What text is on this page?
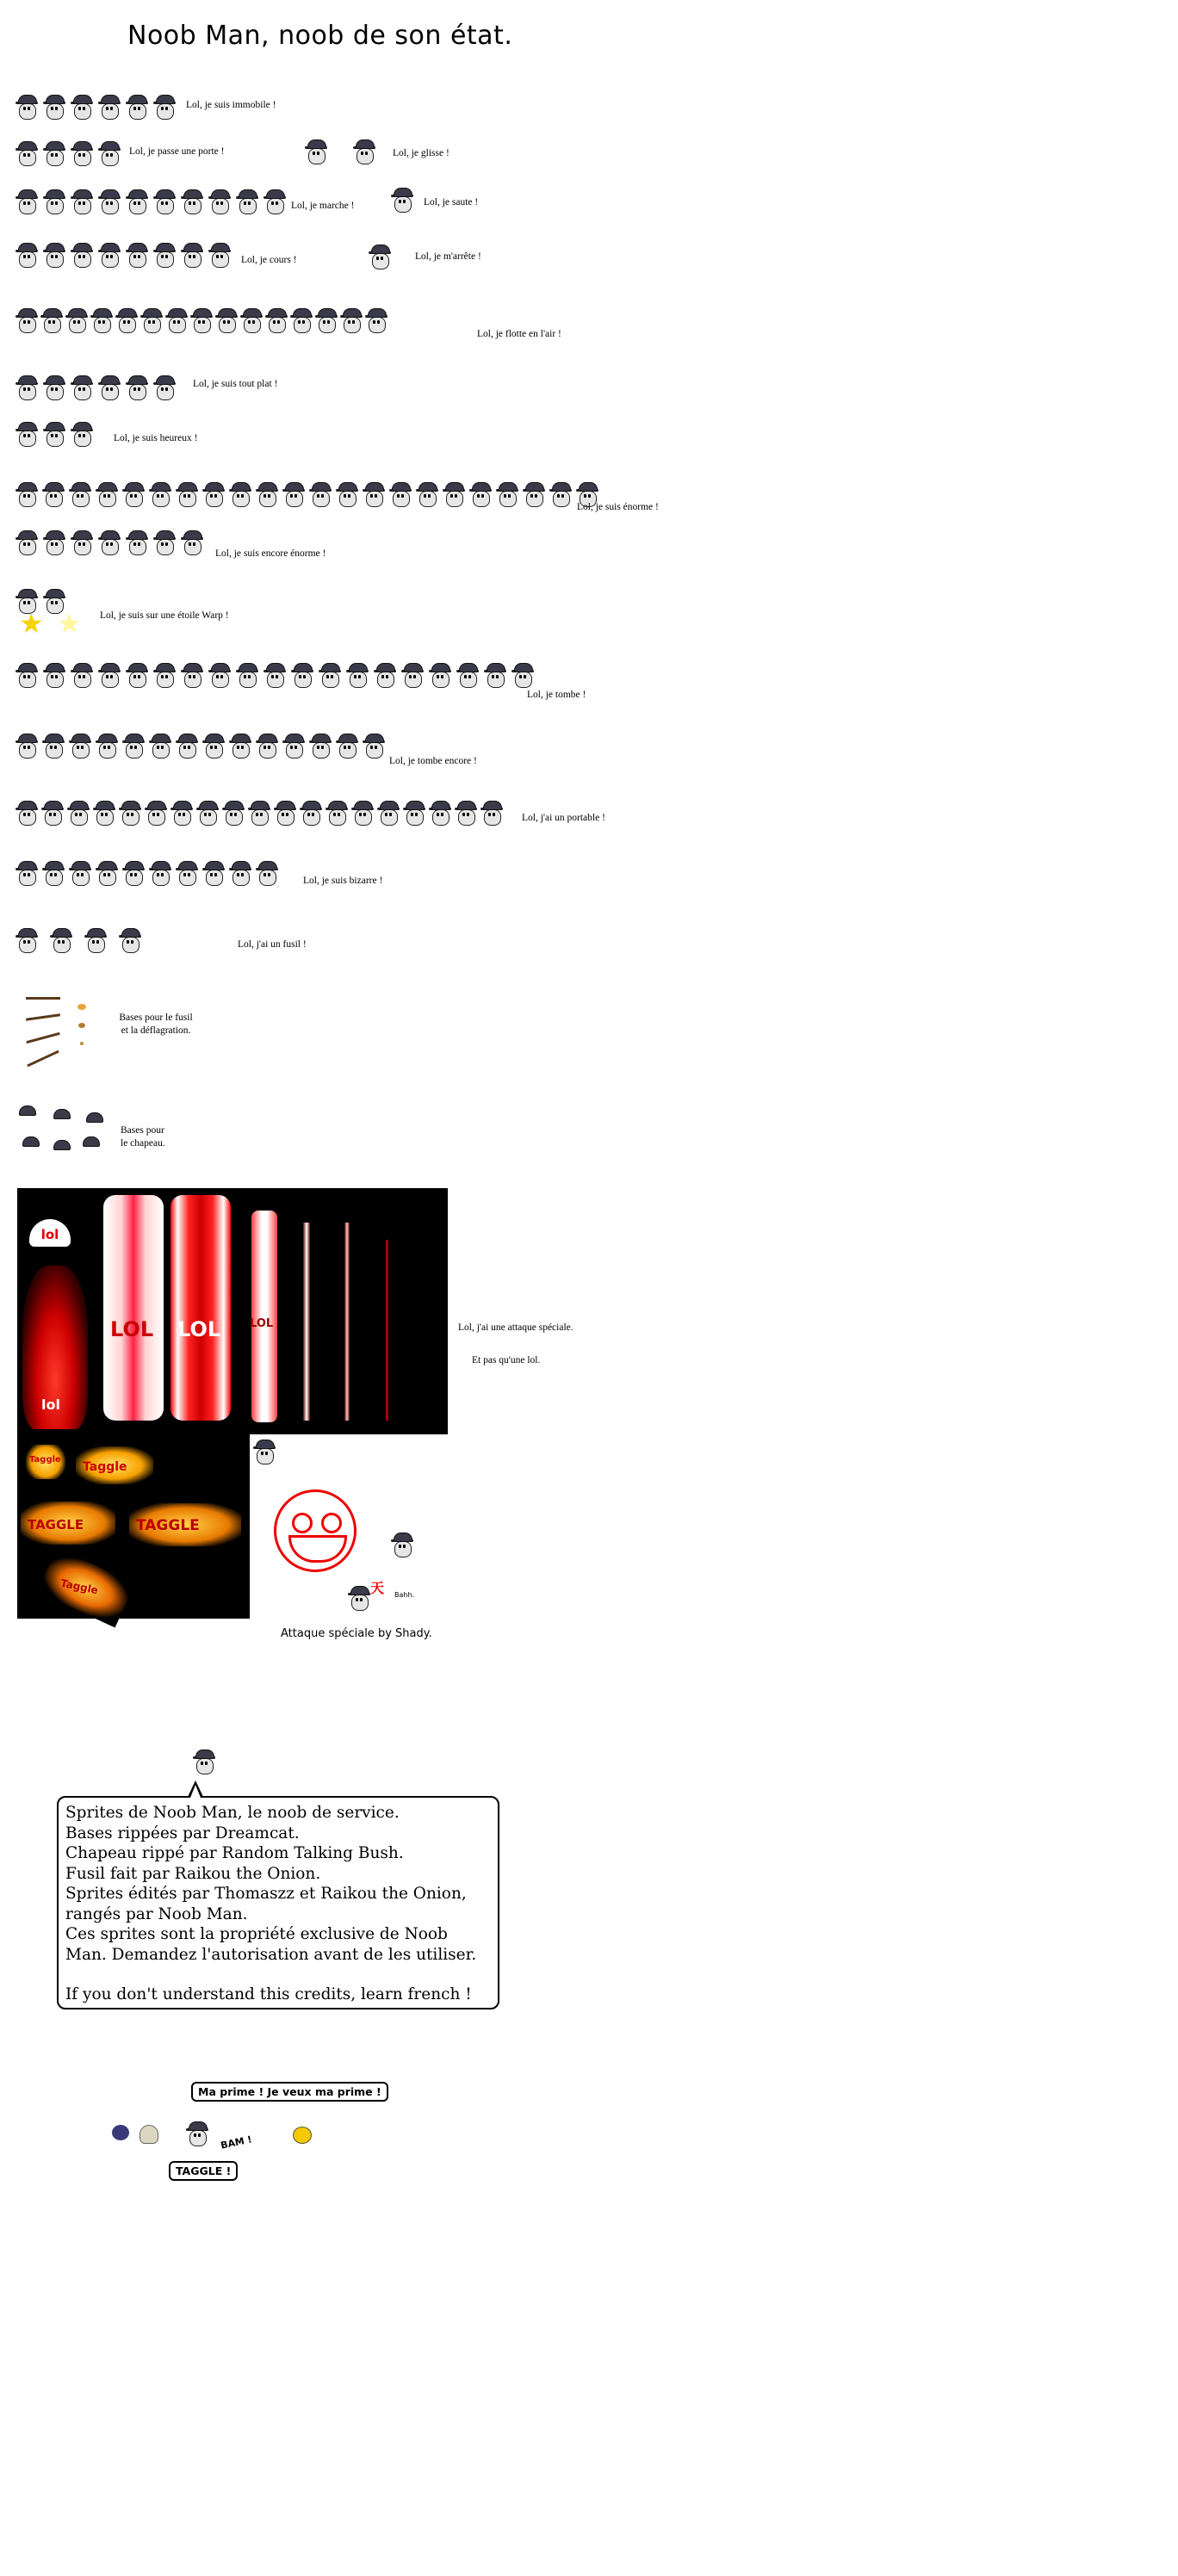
Noob Man, noob de son état.
★ ★
Lol, je suis immobile !
Lol, je passe une porte !	Lol, je glisse !
Lol, je marche !	Lol, je saute !
Lol, je cours !	Lol, je m'arrête !
Lol, je flotte en l'air !
Lol, je suis tout plat !
Lol, je suis heureux !
Lol, je suis énorme !
Lol, je suis encore énorme !
Lol, je suis sur une étoile Warp !
Lol, je tombe !
Lol, je tombe encore !
Lol, j'ai un portable !
Lol, je suis bizarre !
Lol, j'ai un fusil !
Bases pour le fusil
et la déflagration.
Bases pour
le chapeau.
lol
lol
LOL LOL	LOL	Lol, j'ai une attaque spéciale.
Et pas qu'une lol.
Taggle
Taggle
TAGGLE	TAGGLE
Taggle	天 Bahh.
Attaque spéciale by Shady.
Sprites de Noob Man, le noob de service.
Bases rippées par Dreamcat.
Chapeau rippé par Random Talking Bush.
Fusil fait par Raikou the Onion.
Sprites édités par Thomaszz et Raikou the Onion,
rangés par Noob Man.
Ces sprites sont la propriété exclusive de Noob
Man. Demandez l'autorisation avant de les utiliser.
If you don't understand this credits, learn french !
Ma prime ! Je veux ma prime !
TAGGLE !
BAM !
